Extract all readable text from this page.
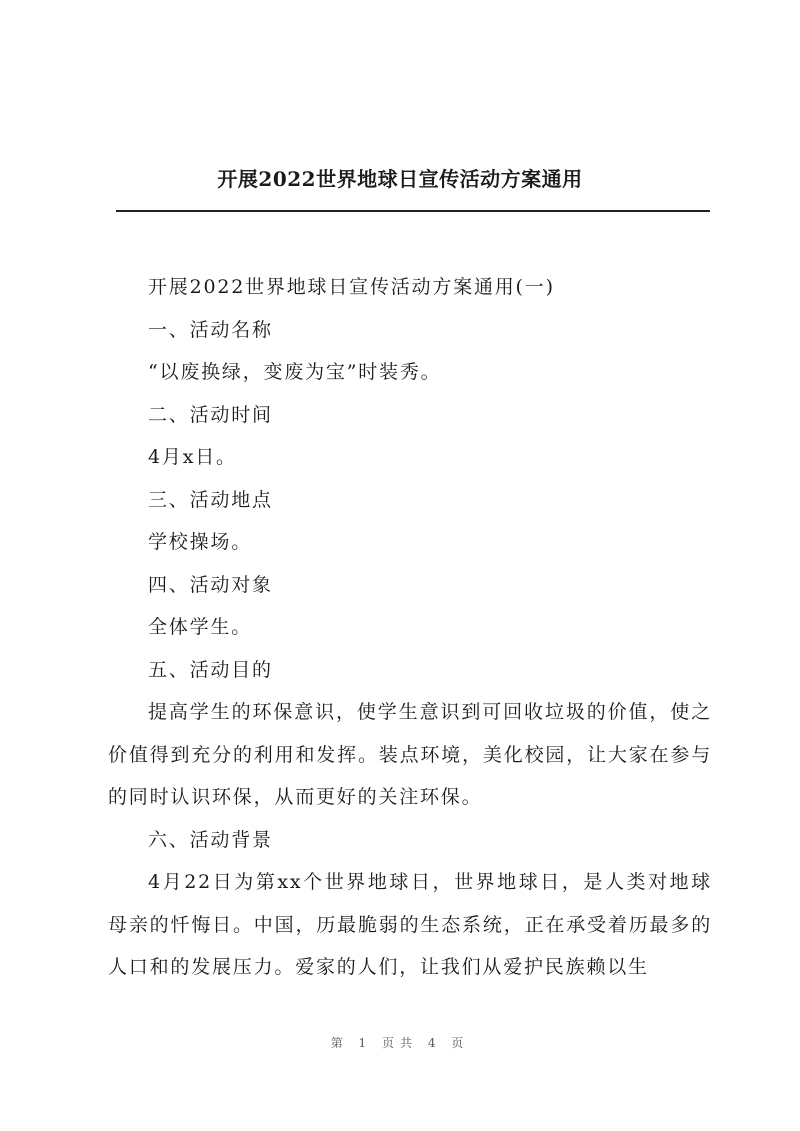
开展2022世界地球日宣传活动方案通用

开展2022世界地球日宣传活动方案通用(一)

一、活动名称

“以废换绿，变废为宝”时装秀。

二、活动时间

4月x日。

三、活动地点

学校操场。

四、活动对象

全体学生。

五、活动目的

提高学生的环保意识，使学生意识到可回收垃圾的价值，使之价值得到充分的利用和发挥。装点环境，美化校园，让大家在参与的同时认识环保，从而更好的关注环保。

六、活动背景

4月22日为第xx个世界地球日，世界地球日，是人类对地球母亲的忏悔日。中国，历最脆弱的生态系统，正在承受着历最多的人口和的发展压力。爱家的人们，让我们从爱护民族赖以生

第 1 页共 4 页
